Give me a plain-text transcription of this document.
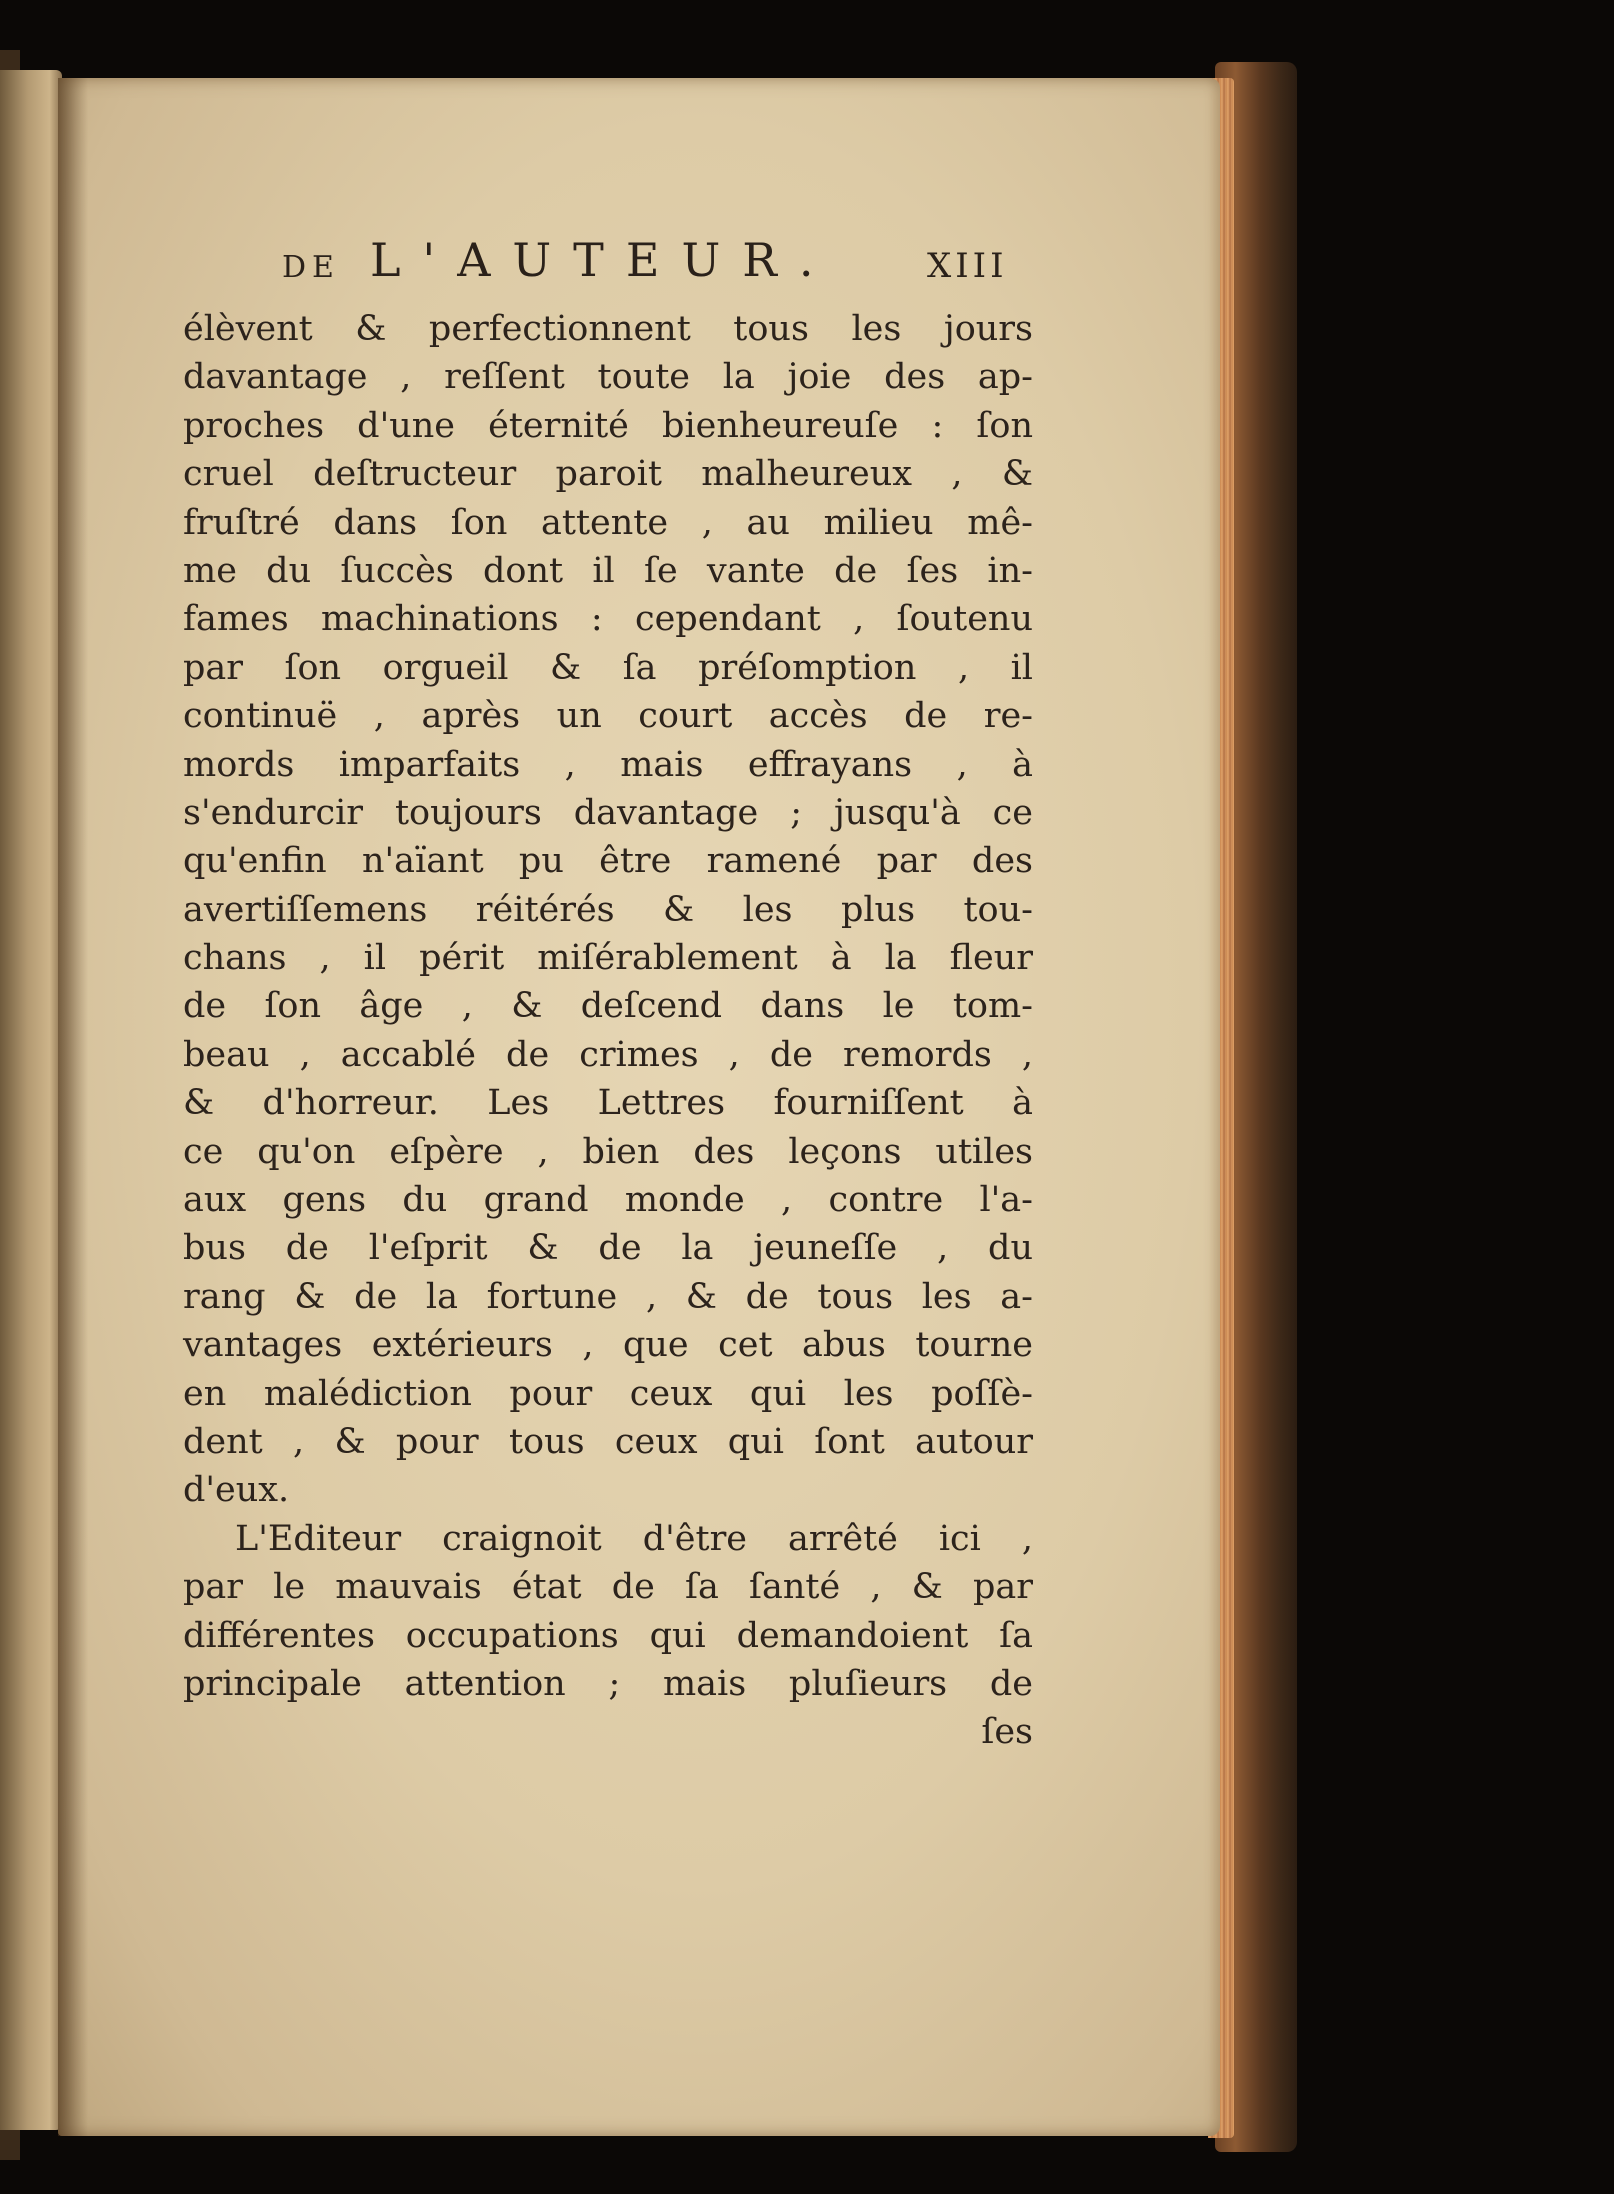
DE L'AUTEUR.	XIII
élèvent & perfectionnent tous les jours
davantage , reſſent toute la joie des ap-
proches d'une éternité bienheureuſe : ſon
cruel deſtructeur paroit malheureux , &
fruſtré dans ſon attente , au milieu mê-
me du ſuccès dont il ſe vante de ſes in-
fames machinations : cependant , ſoutenu
par ſon orgueil & ſa préſomption , il
continuë , après un court accès de re-
mords imparfaits , mais effrayans , à
s'endurcir toujours davantage ; jusqu'à ce
qu'enfin n'aïant pu être ramené par des
avertiſſemens réitérés & les plus tou-
chans , il périt miſérablement à la fleur
de ſon âge , & deſcend dans le tom-
beau , accablé de crimes , de remords ,
& d'horreur. Les Lettres fourniſſent à
ce qu'on eſpère , bien des leçons utiles
aux gens du grand monde , contre l'a-
bus de l'eſprit & de la jeuneſſe , du
rang & de la fortune , & de tous les a-
vantages extérieurs , que cet abus tourne
en malédiction pour ceux qui les poſſè-
dent , & pour tous ceux qui ſont autour
d'eux.
L'Editeur craignoit d'être arrêté ici ,
par le mauvais état de ſa ſanté , & par
différentes occupations qui demandoient ſa
principale attention ; mais pluſieurs de
ſes
